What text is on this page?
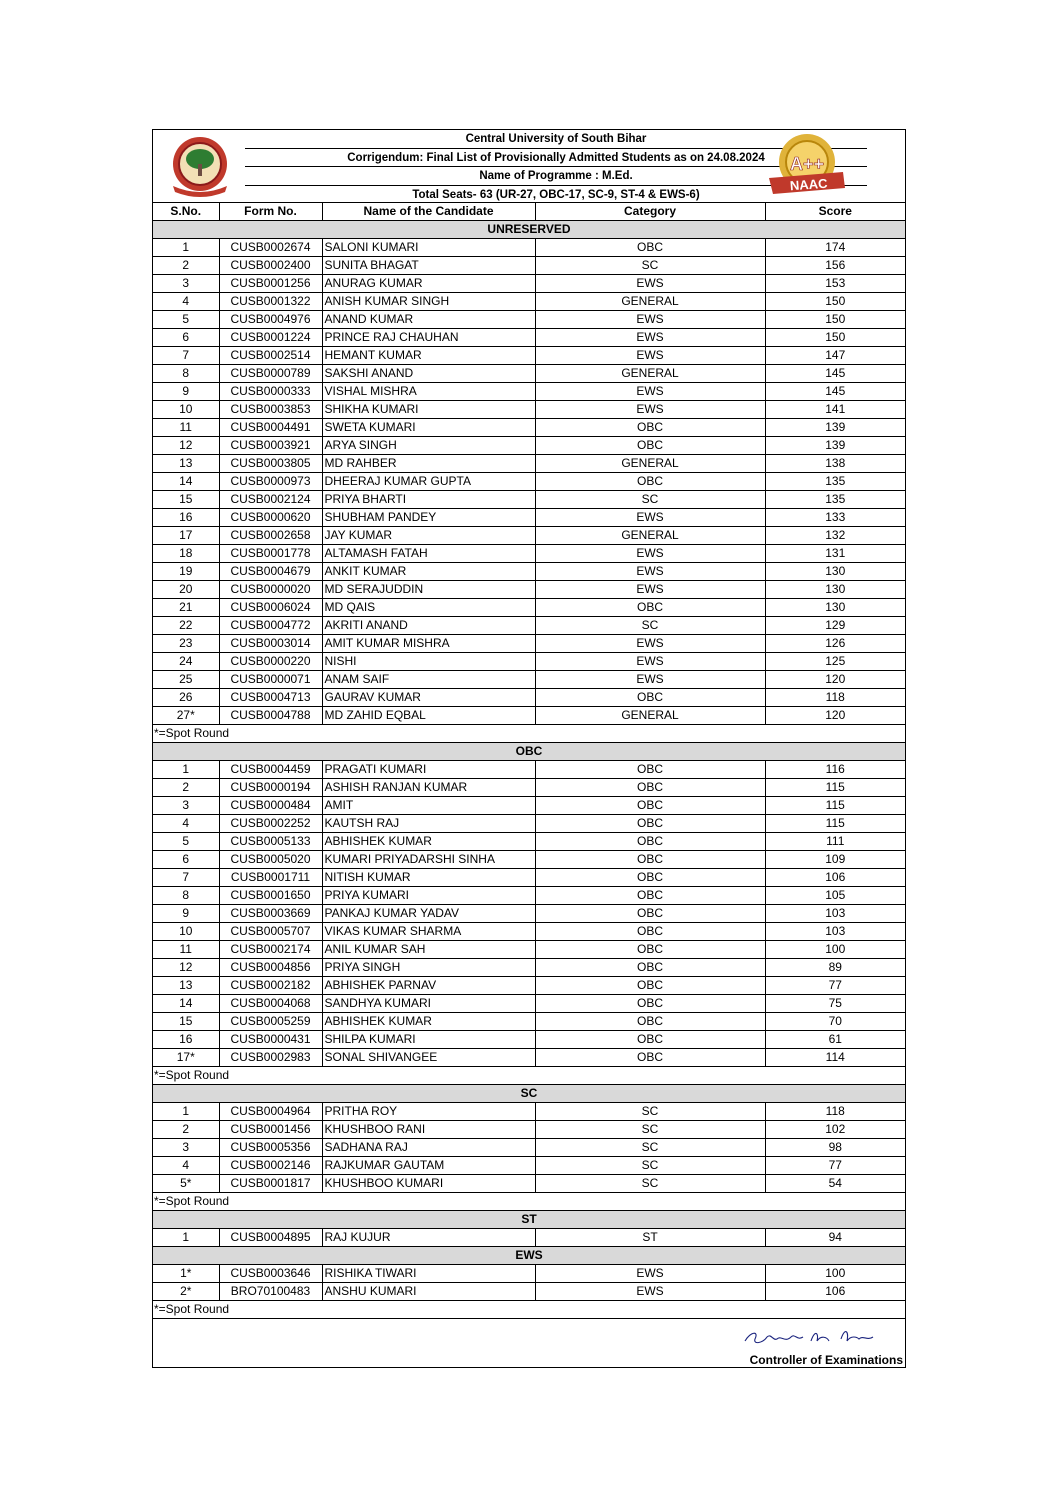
Central University of South Bihar
Corrigendum: Final List of Provisionally Admitted Students as on 24.08.2024
Name of Programme : M.Ed.
Total Seats- 63 (UR-27, OBC-17, SC-9, ST-4 & EWS-6)
A++
NAAC
S.No.	Form No.	Name of the Candidate	Category	Score
UNRESERVED				
1	CUSB0002674	SALONI KUMARI	OBC	174
2	CUSB0002400	SUNITA BHAGAT	SC	156
3	CUSB0001256	ANURAG KUMAR	EWS	153
4	CUSB0001322	ANISH KUMAR SINGH	GENERAL	150
5	CUSB0004976	ANAND KUMAR	EWS	150
6	CUSB0001224	PRINCE RAJ CHAUHAN	EWS	150
7	CUSB0002514	HEMANT KUMAR	EWS	147
8	CUSB0000789	SAKSHI ANAND	GENERAL	145
9	CUSB0000333	VISHAL MISHRA	EWS	145
10	CUSB0003853	SHIKHA KUMARI	EWS	141
11	CUSB0004491	SWETA KUMARI	OBC	139
12	CUSB0003921	ARYA SINGH	OBC	139
13	CUSB0003805	MD RAHBER	GENERAL	138
14	CUSB0000973	DHEERAJ KUMAR GUPTA	OBC	135
15	CUSB0002124	PRIYA BHARTI	SC	135
16	CUSB0000620	SHUBHAM PANDEY	EWS	133
17	CUSB0002658	JAY KUMAR	GENERAL	132
18	CUSB0001778	ALTAMASH FATAH	EWS	131
19	CUSB0004679	ANKIT KUMAR	EWS	130
20	CUSB0000020	MD SERAJUDDIN	EWS	130
21	CUSB0006024	MD QAIS	OBC	130
22	CUSB0004772	AKRITI ANAND	SC	129
23	CUSB0003014	AMIT KUMAR MISHRA	EWS	126
24	CUSB0000220	NISHI	EWS	125
25	CUSB0000071	ANAM SAIF	EWS	120
26	CUSB0004713	GAURAV KUMAR	OBC	118
27*	CUSB0004788	MD ZAHID EQBAL	GENERAL	120
*=Spot Round				
OBC				
1	CUSB0004459	PRAGATI KUMARI	OBC	116
2	CUSB0000194	ASHISH RANJAN KUMAR	OBC	115
3	CUSB0000484	AMIT	OBC	115
4	CUSB0002252	KAUTSH RAJ	OBC	115
5	CUSB0005133	ABHISHEK KUMAR	OBC	111
6	CUSB0005020	KUMARI PRIYADARSHI SINHA	OBC	109
7	CUSB0001711	NITISH KUMAR	OBC	106
8	CUSB0001650	PRIYA KUMARI	OBC	105
9	CUSB0003669	PANKAJ KUMAR YADAV	OBC	103
10	CUSB0005707	VIKAS KUMAR SHARMA	OBC	103
11	CUSB0002174	ANIL KUMAR SAH	OBC	100
12	CUSB0004856	PRIYA SINGH	OBC	89
13	CUSB0002182	ABHISHEK PARNAV	OBC	77
14	CUSB0004068	SANDHYA KUMARI	OBC	75
15	CUSB0005259	ABHISHEK KUMAR	OBC	70
16	CUSB0000431	SHILPA KUMARI	OBC	61
17*	CUSB0002983	SONAL SHIVANGEE	OBC	114
*=Spot Round				
SC				
1	CUSB0004964	PRITHA ROY	SC	118
2	CUSB0001456	KHUSHBOO RANI	SC	102
3	CUSB0005356	SADHANA RAJ	SC	98
4	CUSB0002146	RAJKUMAR GAUTAM	SC	77
5*	CUSB0001817	KHUSHBOO KUMARI	SC	54
*=Spot Round				
ST				
1	CUSB0004895	RAJ KUJUR	ST	94
EWS				
1*	CUSB0003646	RISHIKA TIWARI	EWS	100
2*	BRO70100483	ANSHU KUMARI	EWS	106
*=Spot Round				
Controller of Examinations
